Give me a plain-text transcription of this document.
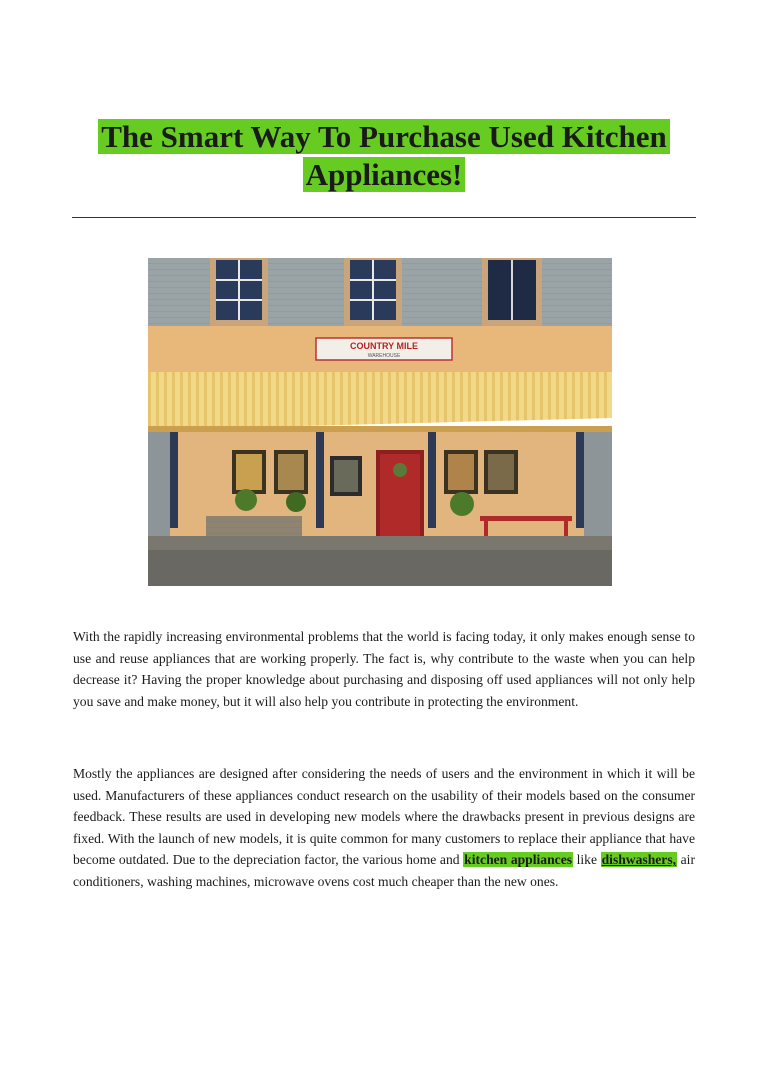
The Smart Way To Purchase Used Kitchen
Appliances!
COUNTRY MILE
WAREHOUSE

With the rapidly increasing environmental problems that the world is facing today, it only makes enough sense to use and reuse appliances that are working properly. The fact is, why contribute to the waste when you can help decrease it? Having the proper knowledge about purchasing and disposing off used appliances will not only help you save and make money, but it will also help you contribute in protecting the environment.

Mostly the appliances are designed after considering the needs of users and the environment in which it will be used. Manufacturers of these appliances conduct research on the usability of their models based on the consumer feedback. These results are used in developing new models where the drawbacks present in previous designs are fixed. With the launch of new models, it is quite common for many customers to replace their appliance that have become outdated. Due to the depreciation factor, the various home and kitchen appliances like dishwashers, air conditioners, washing machines, microwave ovens cost much cheaper than the new ones.
